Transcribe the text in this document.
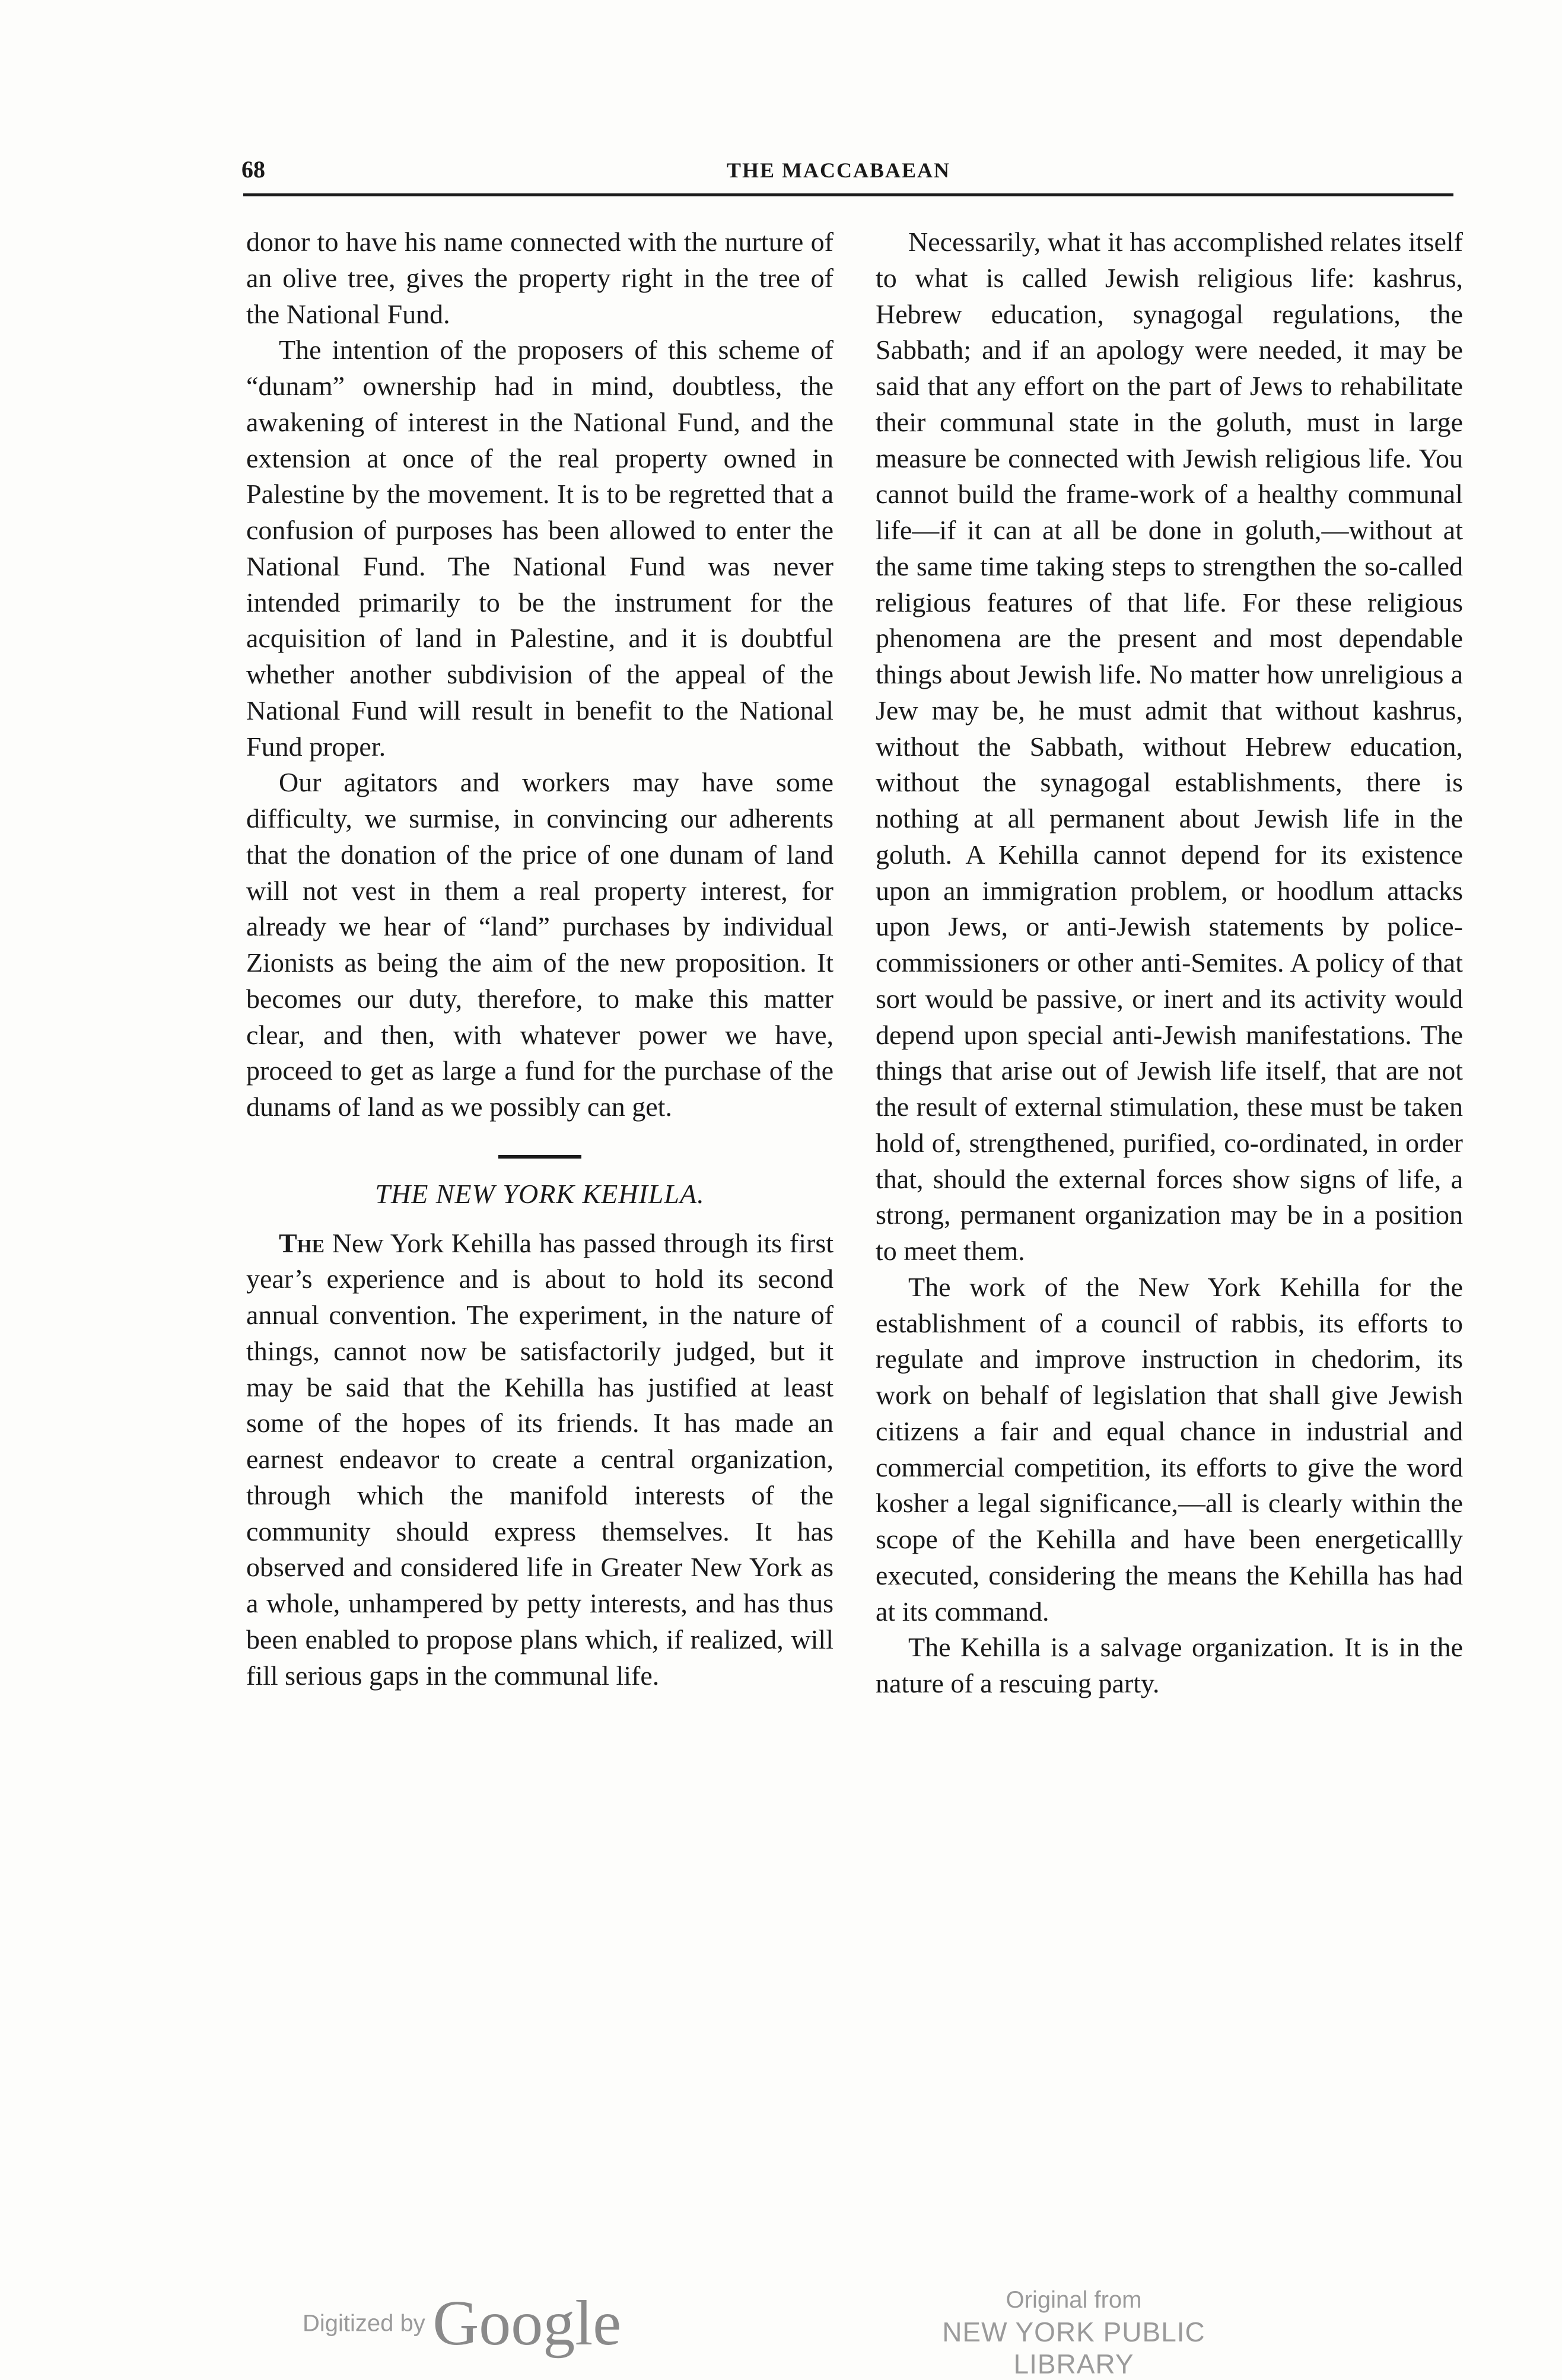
68	THE MACCABAEAN

donor to have his name connected with the nurture of an olive tree, gives the property right in the tree of the National Fund.

The intention of the proposers of this scheme of “dunam” ownership had in mind, doubtless, the awakening of interest in the National Fund, and the extension at once of the real property owned in Palestine by the movement. It is to be regretted that a confusion of purposes has been allowed to enter the National Fund. The National Fund was never intended primarily to be the instrument for the acquisition of land in Palestine, and it is doubtful whether another subdivision of the appeal of the National Fund will result in benefit to the National Fund proper.

Our agitators and workers may have some difficulty, we surmise, in convincing our adherents that the donation of the price of one dunam of land will not vest in them a real property interest, for already we hear of “land” purchases by individual Zionists as being the aim of the new proposition. It becomes our duty, therefore, to make this matter clear, and then, with whatever power we have, proceed to get as large a fund for the purchase of the dunams of land as we possibly can get.

THE NEW YORK KEHILLA.

The New York Kehilla has passed through its first year’s experience and is about to hold its second annual convention. The experiment, in the nature of things, cannot now be satisfactorily judged, but it may be said that the Kehilla has justified at least some of the hopes of its friends. It has made an earnest endeavor to create a central organization, through which the manifold interests of the community should express themselves. It has observed and considered life in Greater New York as a whole, unhampered by petty interests, and has thus been enabled to propose plans which, if realized, will fill serious gaps in the communal life.

Necessarily, what it has accomplished relates itself to what is called Jewish religious life: kashrus, Hebrew education, synagogal regulations, the Sabbath; and if an apology were needed, it may be said that any effort on the part of Jews to rehabilitate their communal state in the goluth, must in large measure be connected with Jewish religious life. You cannot build the frame-work of a healthy communal life—if it can at all be done in goluth,—without at the same time taking steps to strengthen the so-called religious features of that life. For these religious phenomena are the present and most dependable things about Jewish life. No matter how unreligious a Jew may be, he must admit that without kashrus, without the Sabbath, without Hebrew education, without the synagogal establishments, there is nothing at all permanent about Jewish life in the goluth. A Kehilla cannot depend for its existence upon an immigration problem, or hoodlum attacks upon Jews, or anti-Jewish statements by police-commissioners or other anti-Semites. A policy of that sort would be passive, or inert and its activity would depend upon special anti-Jewish manifestations. The things that arise out of Jewish life itself, that are not the result of external stimulation, these must be taken hold of, strengthened, purified, co-ordinated, in order that, should the external forces show signs of life, a strong, permanent organization may be in a position to meet them.

The work of the New York Kehilla for the establishment of a council of rabbis, its efforts to regulate and improve instruction in chedorim, its work on behalf of legislation that shall give Jewish citizens a fair and equal chance in industrial and commercial competition, its efforts to give the word kosher a legal significance,—all is clearly within the scope of the Kehilla and have been energeticallly executed, considering the means the Kehilla has had at its command.

The Kehilla is a salvage organization. It is in the nature of a rescuing party.

Digitized by Google	Original from
NEW YORK PUBLIC LIBRARY
